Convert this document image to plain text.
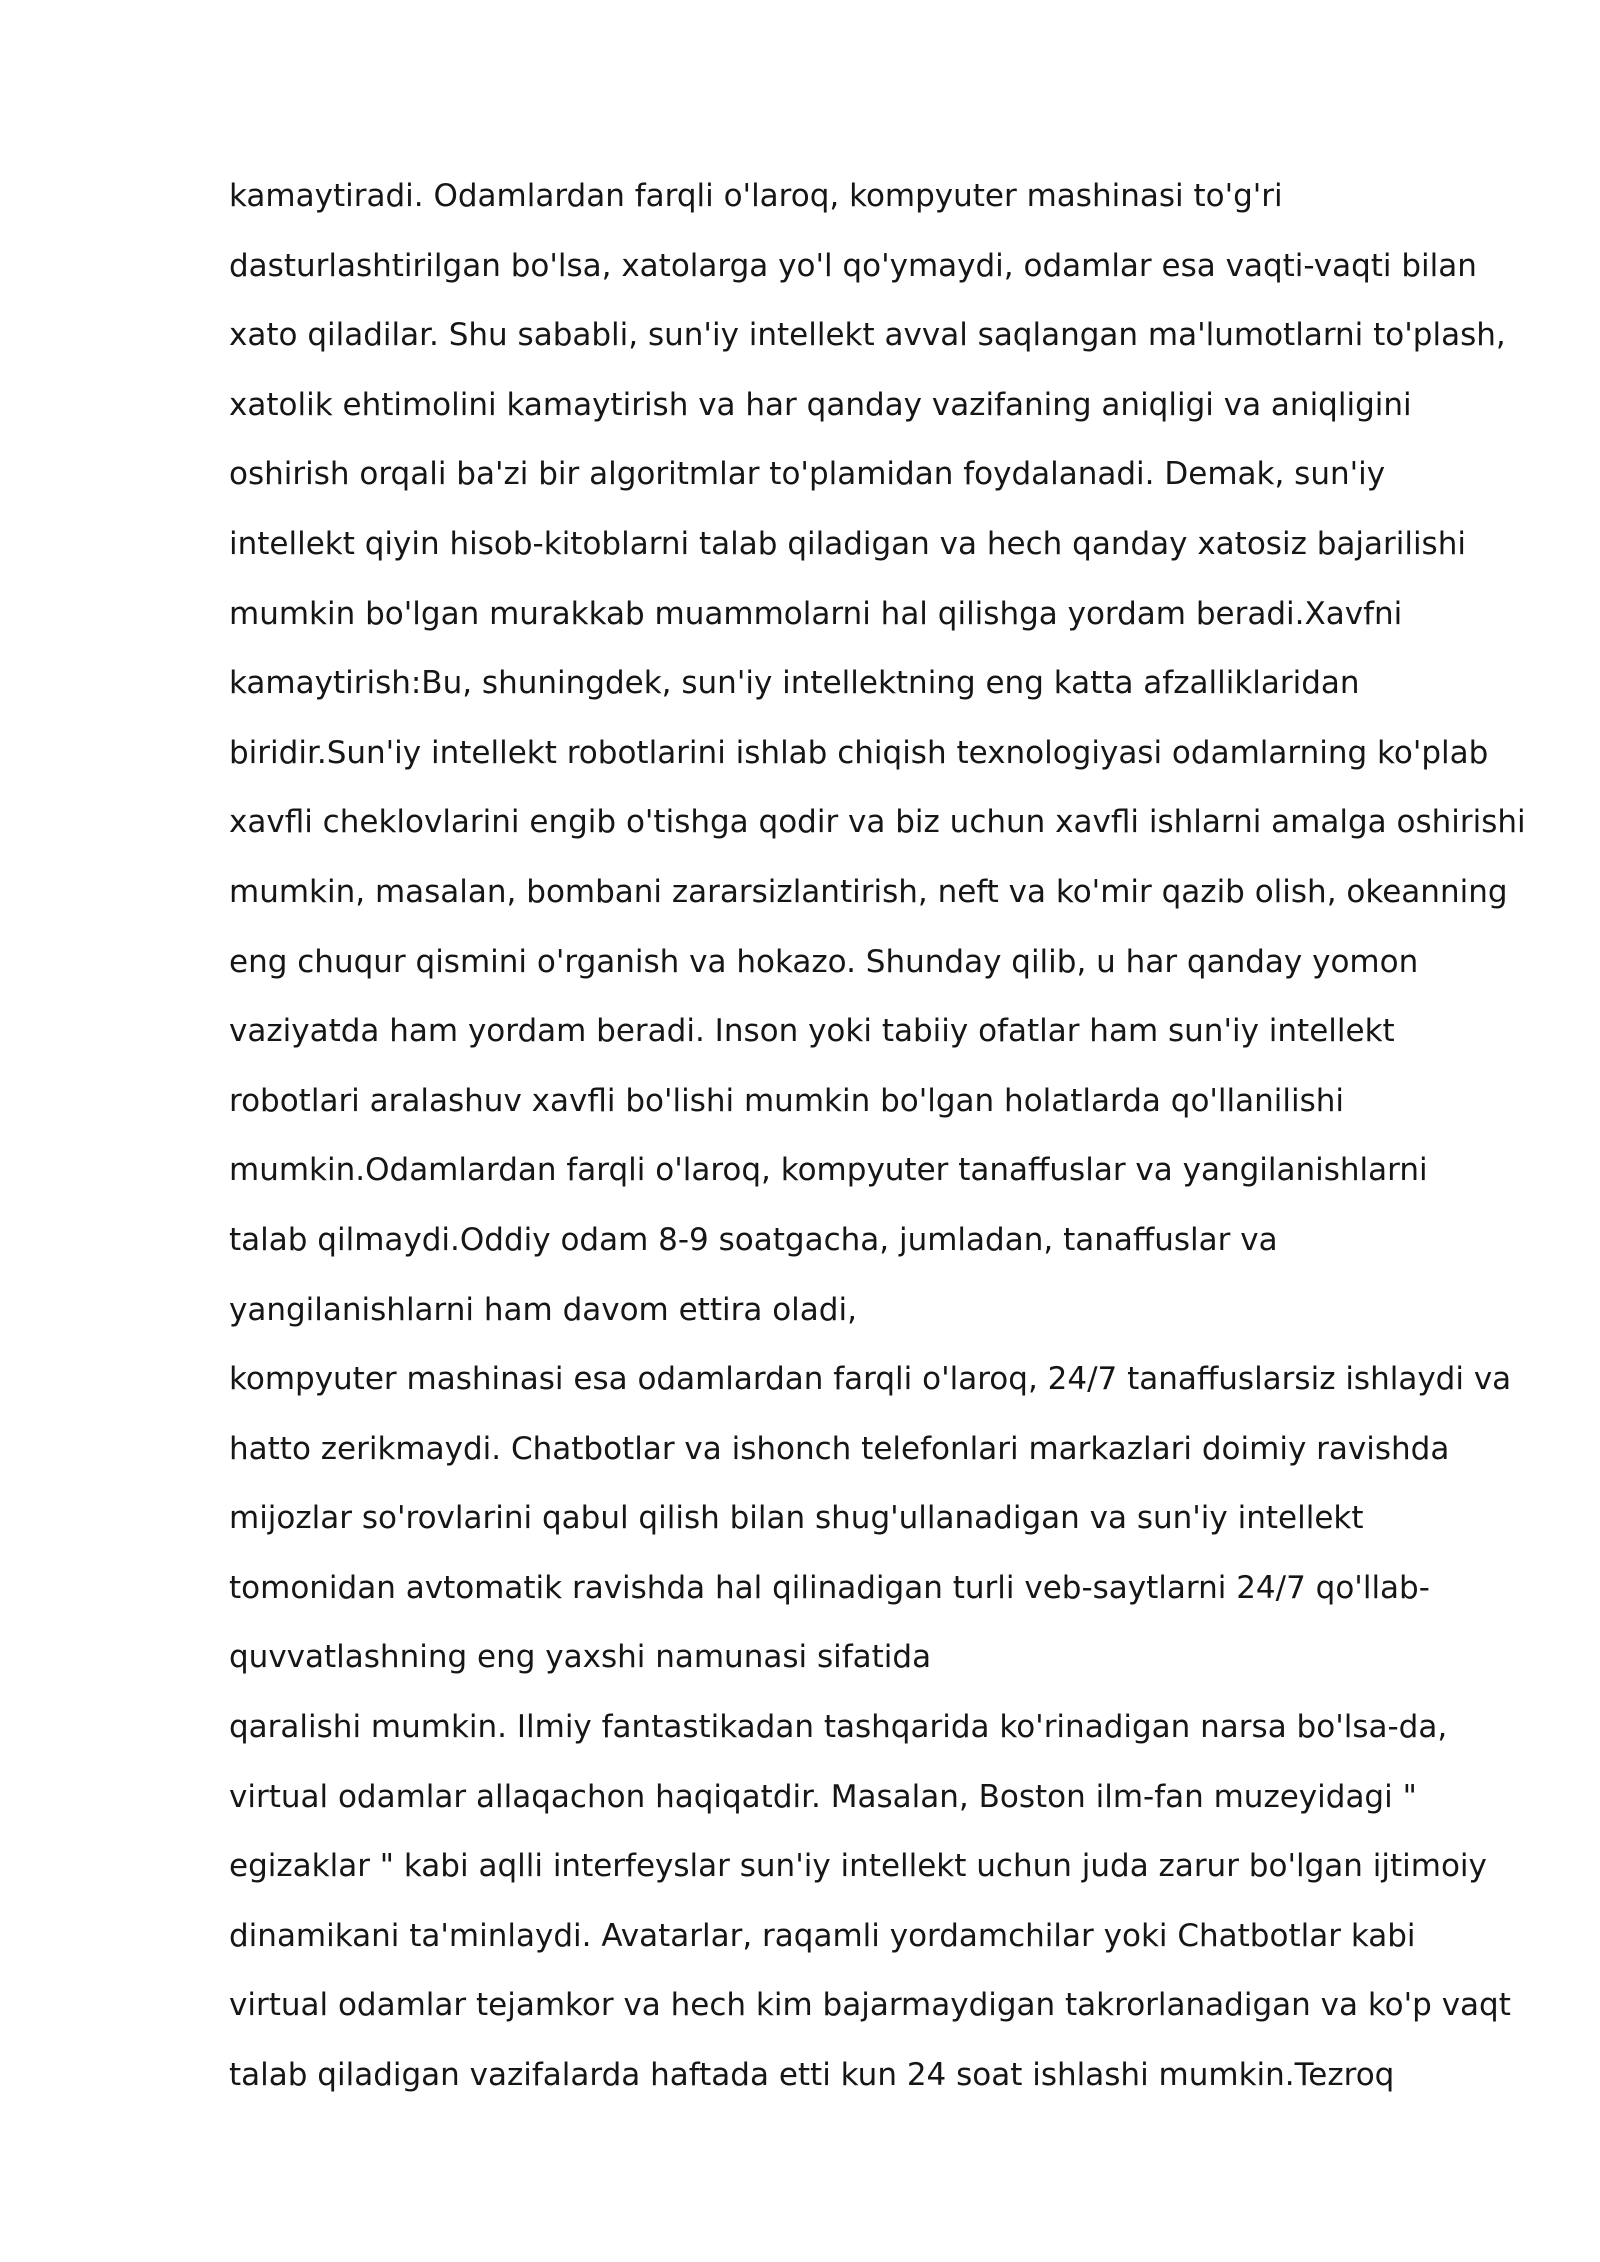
kamaytiradi. Odamlardan farqli o'laroq, kompyuter mashinasi to'g'ri
dasturlashtirilgan bo'lsa, xatolarga yo'l qo'ymaydi, odamlar esa vaqti-vaqti bilan
xato qiladilar. Shu sababli, sun'iy intellekt avval saqlangan ma'lumotlarni to'plash,
xatolik ehtimolini kamaytirish va har qanday vazifaning aniqligi va aniqligini
oshirish orqali ba'zi bir algoritmlar to'plamidan foydalanadi. Demak, sun'iy
intellekt qiyin hisob-kitoblarni talab qiladigan va hech qanday xatosiz bajarilishi
mumkin bo'lgan murakkab muammolarni hal qilishga yordam beradi.Xavfni
kamaytirish:Bu, shuningdek, sun'iy intellektning eng katta afzalliklaridan
biridir.Sun'iy intellekt robotlarini ishlab chiqish texnologiyasi odamlarning ko'plab
xavfli cheklovlarini engib o'tishga qodir va biz uchun xavfli ishlarni amalga oshirishi
mumkin, masalan, bombani zararsizlantirish, neft va ko'mir qazib olish, okeanning
eng chuqur qismini o'rganish va hokazo. Shunday qilib, u har qanday yomon
vaziyatda ham yordam beradi. Inson yoki tabiiy ofatlar ham sun'iy intellekt
robotlari aralashuv xavfli bo'lishi mumkin bo'lgan holatlarda qo'llanilishi
mumkin.Odamlardan farqli o'laroq, kompyuter tanaffuslar va yangilanishlarni
talab qilmaydi.Oddiy odam 8-9 soatgacha, jumladan, tanaffuslar va
yangilanishlarni ham davom ettira oladi,
kompyuter mashinasi esa odamlardan farqli o'laroq, 24/7 tanaffuslarsiz ishlaydi va
hatto zerikmaydi. Chatbotlar va ishonch telefonlari markazlari doimiy ravishda
mijozlar so'rovlarini qabul qilish bilan shug'ullanadigan va sun'iy intellekt
tomonidan avtomatik ravishda hal qilinadigan turli veb-saytlarni 24/7 qo'llab-
quvvatlashning eng yaxshi namunasi sifatida
qaralishi mumkin. Ilmiy fantastikadan tashqarida ko'rinadigan narsa bo'lsa-da,
virtual odamlar allaqachon haqiqatdir. Masalan, Boston ilm-fan muzeyidagi "
egizaklar " kabi aqlli interfeyslar sun'iy intellekt uchun juda zarur bo'lgan ijtimoiy
dinamikani ta'minlaydi. Avatarlar, raqamli yordamchilar yoki Chatbotlar kabi
virtual odamlar tejamkor va hech kim bajarmaydigan takrorlanadigan va ko'p vaqt
talab qiladigan vazifalarda haftada etti kun 24 soat ishlashi mumkin.Tezroq
